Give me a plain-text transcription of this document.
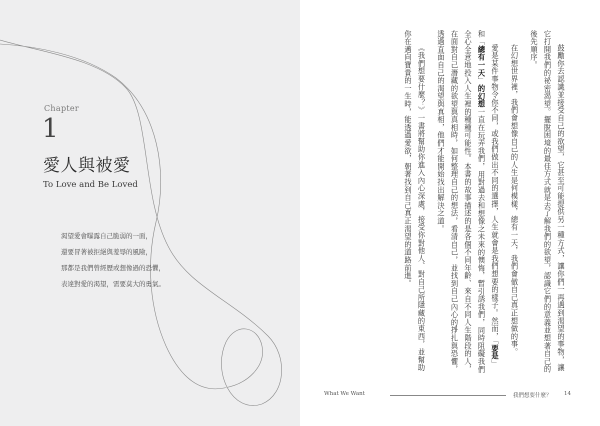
Chapter
1
愛人與被愛
To Love and Be Loved
渴望愛會曝露自己脆弱的一面，
還要冒著被拒絕與羞辱的風險，
那都是我們曾經歷或想像過的恐懼，
表達對愛的渴望，需要莫大的勇氣。	鼓勵你去認識並接受自己的欲望，它甚至可能提供另一種方式，讓你們一再遇到渴望的事物，讓它打開我們的祕密渴望。擺脫困境的最佳方式就是去了解我們的欲望，認識它們的意義並想著自己的後先順序。

在幻想世界裡，我們會想像自己的人生是何模樣，總有一天，我們會做自己真正想做的事。

愛是某件事物令你不同，或我們做出不同的選擇，人生就會是我們想要的樣子。然而，「要是」和「總有一天」的幻想一直在玩弄我們，用對過去和想像之未來的懊悔，暫引誘我們，同時阻礙我們全心全意地投入人生裡的種種可能性。本書的故事描述的是各個不同年齡、來自不同人生階段的人，在面對自己潛藏的欲望與真相時，如何整理自己的想法，看清自己，並找到自己內心的掙扎與恐懼，透過直面自己的渴望與真相，他們才能開始找出解決之道。

《我們想要什麼？》一書將幫助你進入內心深處，接受你對他人、對自己所隱藏的東西，並幫助你在邁向寶貴的一生時，能透過愛欲，朝著找到自己真正渴望的道路前進。

What We Want	我們想要什麼？ 14
